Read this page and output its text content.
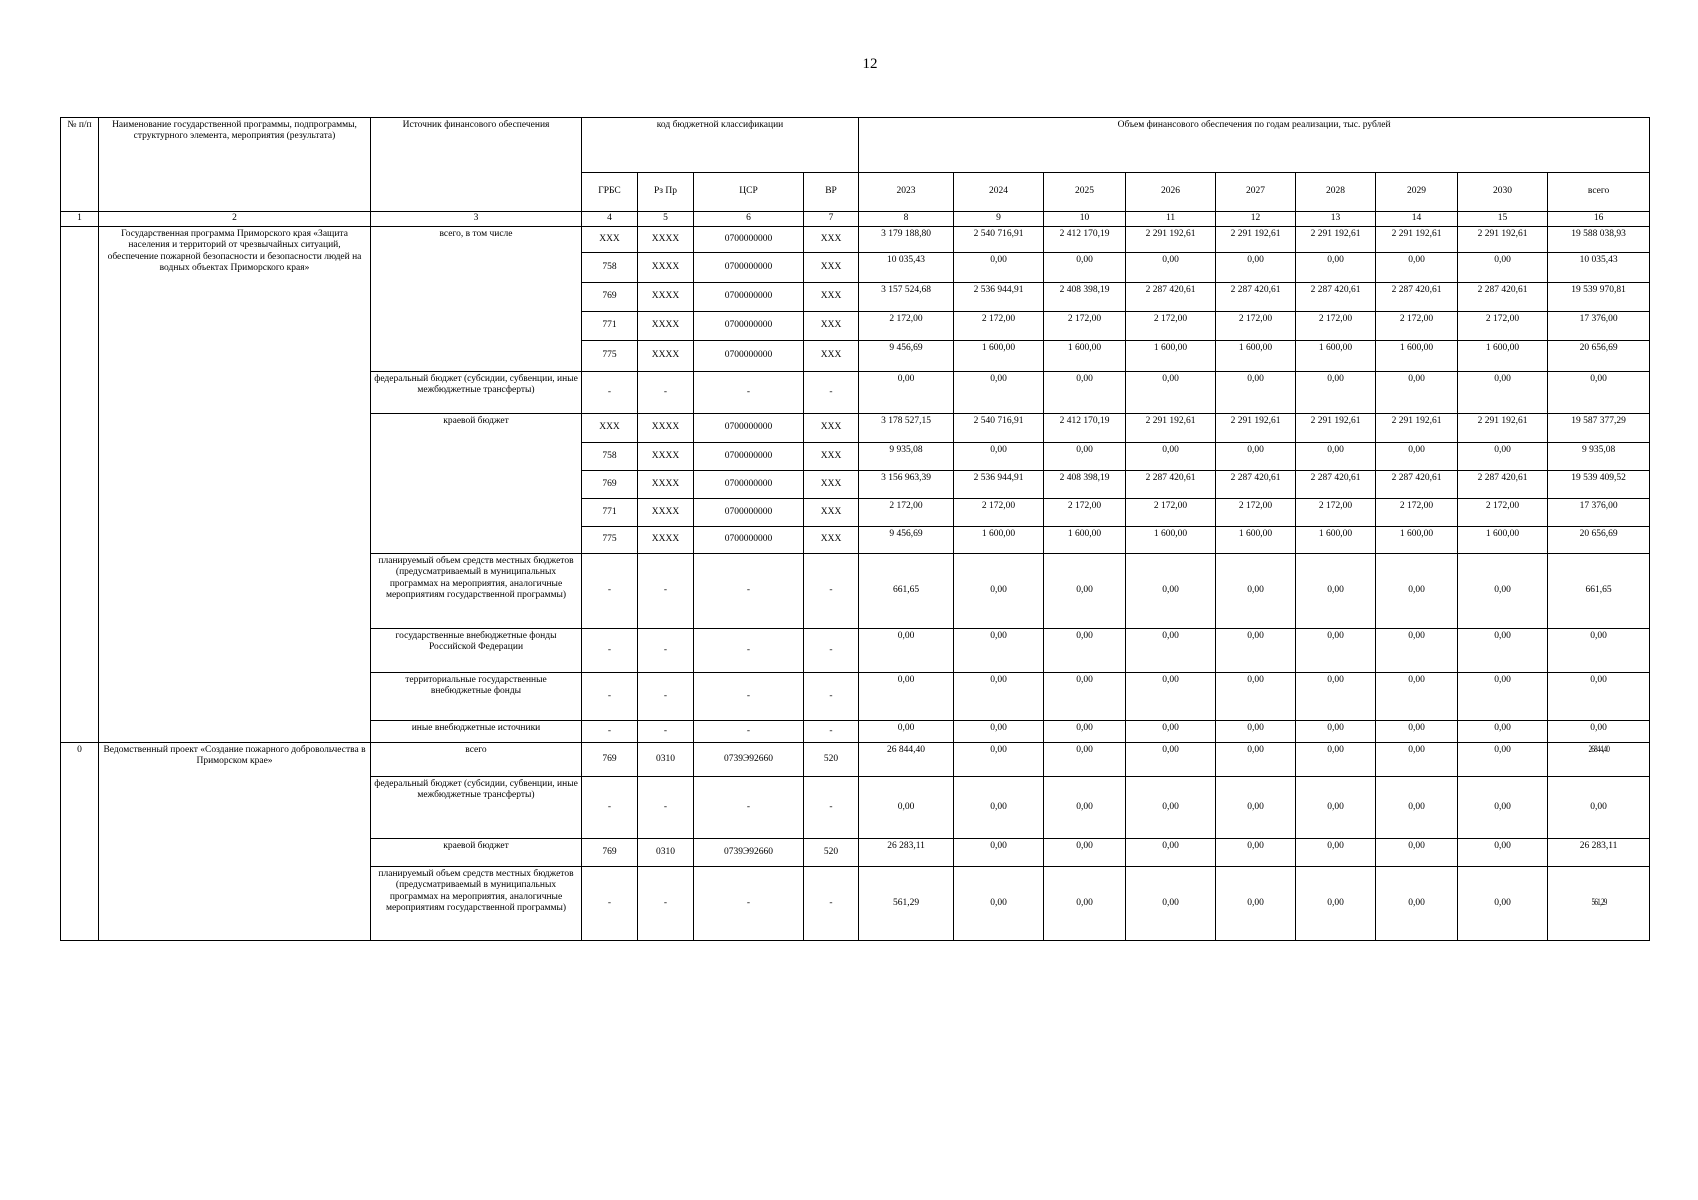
12
№ п/п	Наименование государственной программы, подпрограммы, структурного элемента, мероприятия (результата)	Источник финансового обеспечения	код бюджетной классификации				Объем финансового обеспечения по годам реализации, тыс. рублей								
			ГРБС	Рз Пр	ЦСР	ВР	2023	2024	2025	2026	2027	2028	2029	2030	всего
1	2	3	4	5	6	7	8	9	10	11	12	13	14	15	16
	Государственная программа Приморского края «Защита населения и территорий от чрезвычайных ситуаций, обеспечение пожарной безопасности и безопасности людей на водных объектах Приморского края»	всего, в том числе	XXX	XXXX	0700000000	XXX	3 179 188,80	2 540 716,91	2 412 170,19	2 291 192,61	2 291 192,61	2 291 192,61	2 291 192,61	2 291 192,61	19 588 038,93
			758	XXXX	0700000000	XXX	10 035,43	0,00	0,00	0,00	0,00	0,00	0,00	0,00	10 035,43
			769	XXXX	0700000000	XXX	3 157 524,68	2 536 944,91	2 408 398,19	2 287 420,61	2 287 420,61	2 287 420,61	2 287 420,61	2 287 420,61	19 539 970,81
			771	XXXX	0700000000	XXX	2 172,00	2 172,00	2 172,00	2 172,00	2 172,00	2 172,00	2 172,00	2 172,00	17 376,00
			775	XXXX	0700000000	XXX	9 456,69	1 600,00	1 600,00	1 600,00	1 600,00	1 600,00	1 600,00	1 600,00	20 656,69
		федеральный бюджет (субсидии, субвенции, иные межбюджетные трансферты)	-	-	-	-	0,00	0,00	0,00	0,00	0,00	0,00	0,00	0,00	0,00
		краевой бюджет	XXX	XXXX	0700000000	XXX	3 178 527,15	2 540 716,91	2 412 170,19	2 291 192,61	2 291 192,61	2 291 192,61	2 291 192,61	2 291 192,61	19 587 377,29
			758	XXXX	0700000000	XXX	9 935,08	0,00	0,00	0,00	0,00	0,00	0,00	0,00	9 935,08
			769	XXXX	0700000000	XXX	3 156 963,39	2 536 944,91	2 408 398,19	2 287 420,61	2 287 420,61	2 287 420,61	2 287 420,61	2 287 420,61	19 539 409,52
			771	XXXX	0700000000	XXX	2 172,00	2 172,00	2 172,00	2 172,00	2 172,00	2 172,00	2 172,00	2 172,00	17 376,00
			775	XXXX	0700000000	XXX	9 456,69	1 600,00	1 600,00	1 600,00	1 600,00	1 600,00	1 600,00	1 600,00	20 656,69
		планируемый объем средств местных бюджетов (предусматриваемый в муниципальных программах на мероприятия, аналогичные мероприятиям государственной программы)	-	-	-	-	661,65	0,00	0,00	0,00	0,00	0,00	0,00	0,00	661,65
		государственные внебюджетные фонды Российской Федерации	-	-	-	-	0,00	0,00	0,00	0,00	0,00	0,00	0,00	0,00	0,00
		территориальные государственные внебюджетные фонды	-	-	-	-	0,00	0,00	0,00	0,00	0,00	0,00	0,00	0,00	0,00
		иные внебюджетные источники	-	-	-	-	0,00	0,00	0,00	0,00	0,00	0,00	0,00	0,00	0,00
0	Ведомственный проект «Создание пожарного добровольчества в Приморском крае»	всего	769	0310	0739Э92660	520	26 844,40	0,00	0,00	0,00	0,00	0,00	0,00	0,00	26844,40
		федеральный бюджет (субсидии, субвенции, иные межбюджетные трансферты)	-	-	-	-	0,00	0,00	0,00	0,00	0,00	0,00	0,00	0,00	0,00
		краевой бюджет	769	0310	0739Э92660	520	26 283,11	0,00	0,00	0,00	0,00	0,00	0,00	0,00	26 283,11
		планируемый объем средств местных бюджетов (предусматриваемый в муниципальных программах на мероприятия, аналогичные мероприятиям государственной программы)	-	-	-	-	561,29	0,00	0,00	0,00	0,00	0,00	0,00	0,00	561,29
